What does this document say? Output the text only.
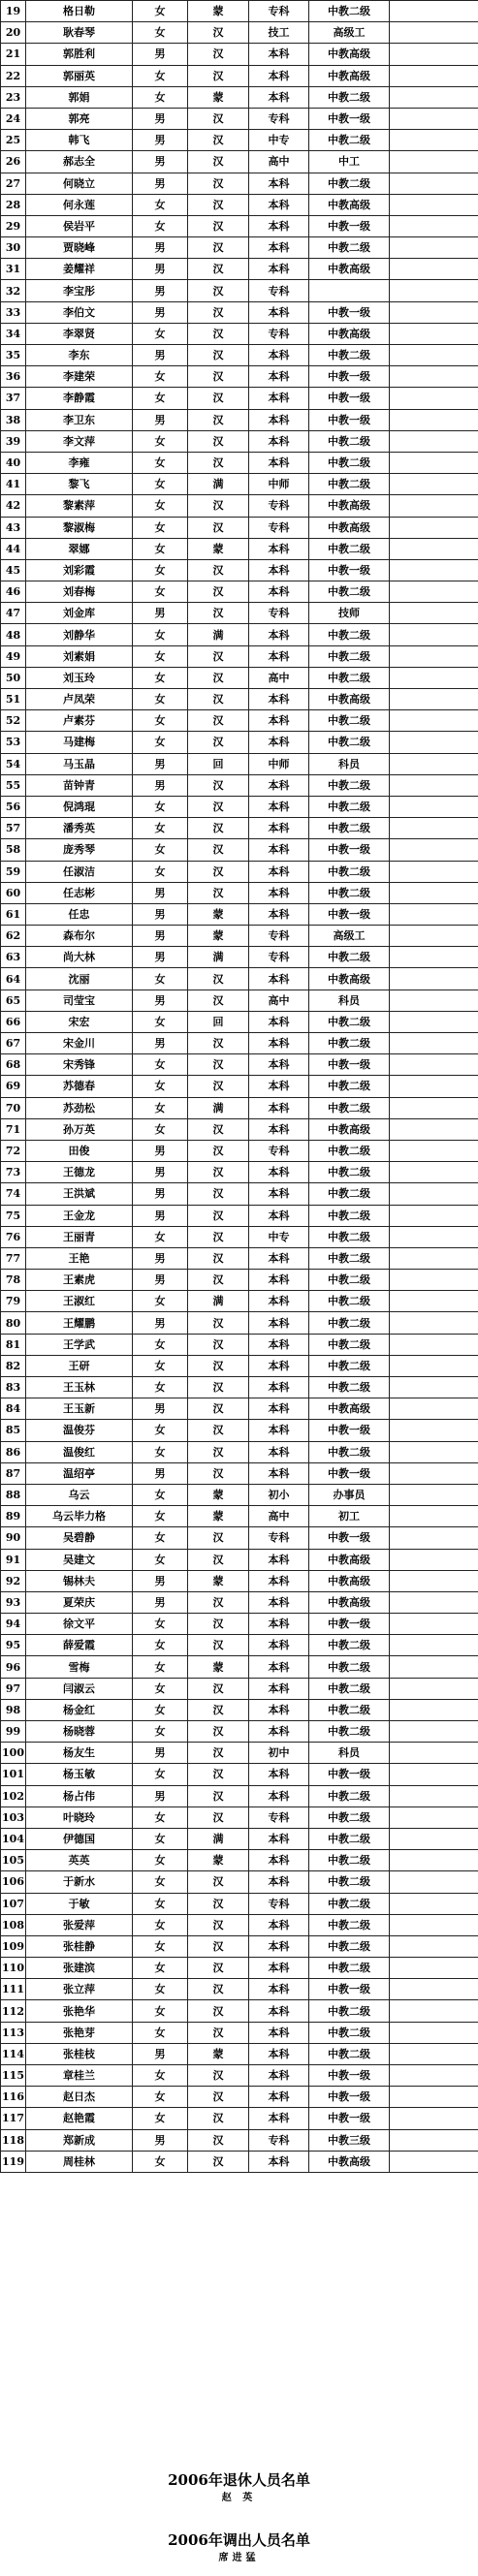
19	格日勒	女	蒙	专科	中教二级	
20	耿春琴	女	汉	技工	高级工	
21	郭胜利	男	汉	本科	中教高级	
22	郭丽英	女	汉	本科	中教高级	
23	郭娟	女	蒙	本科	中教二级	
24	郭亮	男	汉	专科	中教一级	
25	韩飞	男	汉	中专	中教二级	
26	郝志全	男	汉	高中	中工	
27	何晓立	男	汉	本科	中教二级	
28	何永莲	女	汉	本科	中教高级	
29	侯岩平	女	汉	本科	中教一级	
30	贾晓峰	男	汉	本科	中教二级	
31	姜耀祥	男	汉	本科	中教高级	
32	李宝彤	男	汉	专科		
33	李伯文	男	汉	本科	中教一级	
34	李翠贤	女	汉	专科	中教高级	
35	李东	男	汉	本科	中教二级	
36	李建荣	女	汉	本科	中教一级	
37	李静霞	女	汉	本科	中教一级	
38	李卫东	男	汉	本科	中教一级	
39	李文萍	女	汉	本科	中教二级	
40	李雍	女	汉	本科	中教二级	
41	黎飞	女	满	中师	中教二级	
42	黎素萍	女	汉	专科	中教高级	
43	黎淑梅	女	汉	专科	中教高级	
44	翠娜	女	蒙	本科	中教二级	
45	刘彩霞	女	汉	本科	中教一级	
46	刘春梅	女	汉	本科	中教二级	
47	刘金库	男	汉	专科	技师	
48	刘静华	女	满	本科	中教二级	
49	刘素娟	女	汉	本科	中教二级	
50	刘玉玲	女	汉	高中	中教二级	
51	卢凤荣	女	汉	本科	中教高级	
52	卢素芬	女	汉	本科	中教二级	
53	马建梅	女	汉	本科	中教二级	
54	马玉晶	男	回	中师	科员	
55	苗钟青	男	汉	本科	中教二级	
56	倪鸿琨	女	汉	本科	中教二级	
57	潘秀英	女	汉	本科	中教二级	
58	庞秀琴	女	汉	本科	中教一级	
59	任淑洁	女	汉	本科	中教二级	
60	任志彬	男	汉	本科	中教二级	
61	任忠	男	蒙	本科	中教一级	
62	森布尔	男	蒙	专科	高级工	
63	尚大林	男	满	专科	中教二级	
64	沈丽	女	汉	本科	中教高级	
65	司莹宝	男	汉	高中	科员	
66	宋宏	女	回	本科	中教二级	
67	宋金川	男	汉	本科	中教二级	
68	宋秀锋	女	汉	本科	中教一级	
69	苏德春	女	汉	本科	中教二级	
70	苏劲松	女	满	本科	中教二级	
71	孙万英	女	汉	本科	中教高级	
72	田俊	男	汉	专科	中教二级	
73	王德龙	男	汉	本科	中教二级	
74	王洪斌	男	汉	本科	中教二级	
75	王金龙	男	汉	本科	中教二级	
76	王丽青	女	汉	中专	中教二级	
77	王艳	男	汉	本科	中教二级	
78	王素虎	男	汉	本科	中教二级	
79	王淑红	女	满	本科	中教二级	
80	王耀鹏	男	汉	本科	中教二级	
81	王学武	女	汉	本科	中教二级	
82	王研	女	汉	本科	中教二级	
83	王玉林	女	汉	本科	中教二级	
84	王玉新	男	汉	本科	中教高级	
85	温俊芬	女	汉	本科	中教一级	
86	温俊红	女	汉	本科	中教二级	
87	温绍亭	男	汉	本科	中教一级	
88	乌云	女	蒙	初小	办事员	
89	乌云毕力格	女	蒙	高中	初工	
90	吴碧静	女	汉	专科	中教一级	
91	吴建文	女	汉	本科	中教高级	
92	锡林夫	男	蒙	本科	中教高级	
93	夏荣庆	男	汉	本科	中教高级	
94	徐文平	女	汉	本科	中教一级	
95	薛爱霞	女	汉	本科	中教二级	
96	雪梅	女	蒙	本科	中教二级	
97	闫淑云	女	汉	本科	中教二级	
98	杨金红	女	汉	本科	中教二级	
99	杨晓蓉	女	汉	本科	中教二级	
100	杨友生	男	汉	初中	科员	
101	杨玉敏	女	汉	本科	中教一级	
102	杨占伟	男	汉	本科	中教二级	
103	叶晓玲	女	汉	专科	中教二级	
104	伊德国	女	满	本科	中教二级	
105	英英	女	蒙	本科	中教二级	
106	于新水	女	汉	本科	中教二级	
107	于敏	女	汉	专科	中教二级	
108	张爱萍	女	汉	本科	中教二级	
109	张桂静	女	汉	本科	中教二级	
110	张建滨	女	汉	本科	中教二级	
111	张立萍	女	汉	本科	中教一级	
112	张艳华	女	汉	本科	中教二级	
113	张艳芽	女	汉	本科	中教二级	
114	张桂枝	男	蒙	本科	中教二级	
115	章桂兰	女	汉	本科	中教一级	
116	赵日杰	女	汉	本科	中教一级	
117	赵艳霞	女	汉	本科	中教一级	
118	郑新成	男	汉	专科	中教三级	
119	周桂林	女	汉	本科	中教高级	

2006年退休人员名单

赵 英

2006年调出人员名单

席进猛
